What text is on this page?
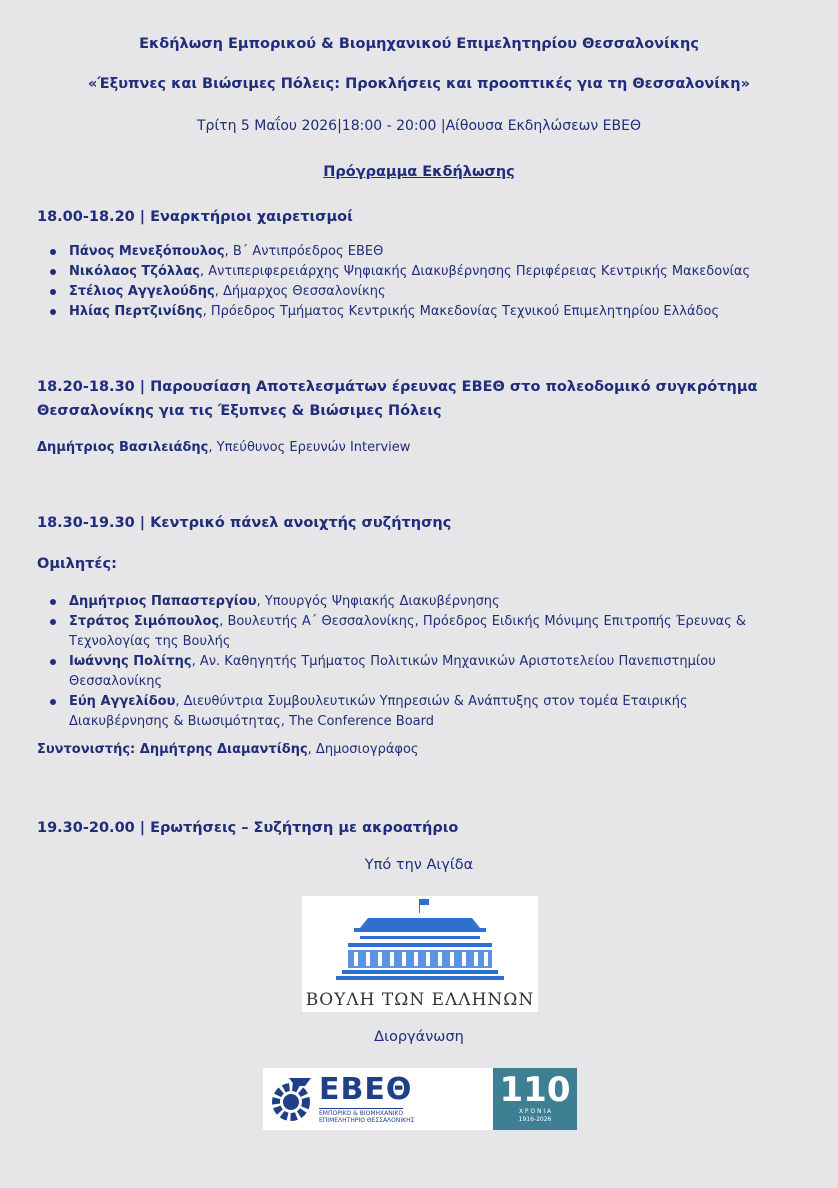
Εκδήλωση Εμπορικού & Βιομηχανικού Επιμελητηρίου Θεσσαλονίκης
«Έξυπνες και Βιώσιμες Πόλεις: Προκλήσεις και προοπτικές για τη Θεσσαλονίκη»
Τρίτη 5 Μαΐου 2026|18:00 - 20:00 |Αίθουσα Εκδηλώσεων ΕΒΕΘ
Πρόγραμμα Εκδήλωσης
18.00-18.20 | Εναρκτήριοι χαιρετισμοί
Πάνος Μενεξόπουλος, Β΄ Αντιπρόεδρος ΕΒΕΘ
Νικόλαος Τζόλλας, Αντιπεριφερειάρχης Ψηφιακής Διακυβέρνησης Περιφέρειας Κεντρικής Μακεδονίας
Στέλιος Αγγελούδης, Δήμαρχος Θεσσαλονίκης
Ηλίας Περτζινίδης, Πρόεδρος Τμήματος Κεντρικής Μακεδονίας Τεχνικού Επιμελητηρίου Ελλάδος
18.20-18.30 | Παρουσίαση Αποτελεσμάτων έρευνας ΕΒΕΘ στο πολεοδομικό συγκρότημα
Θεσσαλονίκης για τις Έξυπνες & Βιώσιμες Πόλεις
Δημήτριος Βασιλειάδης, Υπεύθυνος Ερευνών Interview
18.30-19.30 | Κεντρικό πάνελ ανοιχτής συζήτησης
Ομιλητές:
Δημήτριος Παπαστεργίου, Υπουργός Ψηφιακής Διακυβέρνησης
Στράτος Σιμόπουλος, Βουλευτής Α΄ Θεσσαλονίκης, Πρόεδρος Ειδικής Μόνιμης Επιτροπής Έρευνας &
Τεχνολογίας της Βουλής
Ιωάννης Πολίτης, Αν. Καθηγητής Τμήματος Πολιτικών Μηχανικών Αριστοτελείου Πανεπιστημίου
Θεσσαλονίκης
Εύη Αγγελίδου, Διευθύντρια Συμβουλευτικών Υπηρεσιών & Ανάπτυξης στον τομέα Εταιρικής
Διακυβέρνησης & Βιωσιμότητας, The Conference Board
Συντονιστής: Δημήτρης Διαμαντίδης, Δημοσιογράφος
19.30-20.00 | Ερωτήσεις – Συζήτηση με ακροατήριο
Υπό την Αιγίδα
ΒΟΥΛΗ ΤΩΝ ΕΛΛΗΝΩΝ
Διοργάνωση
ΕΒΕΘ
ΕΜΠΟΡΙΚΟ & ΒΙΟΜΗΧΑΝΙΚΟ
ΕΠΙΜΕΛΗΤΗΡΙΟ ΘΕΣΣΑΛΟΝΙΚΗΣ
110
Χ Ρ Ο Ν Ι Α
1916-2026
